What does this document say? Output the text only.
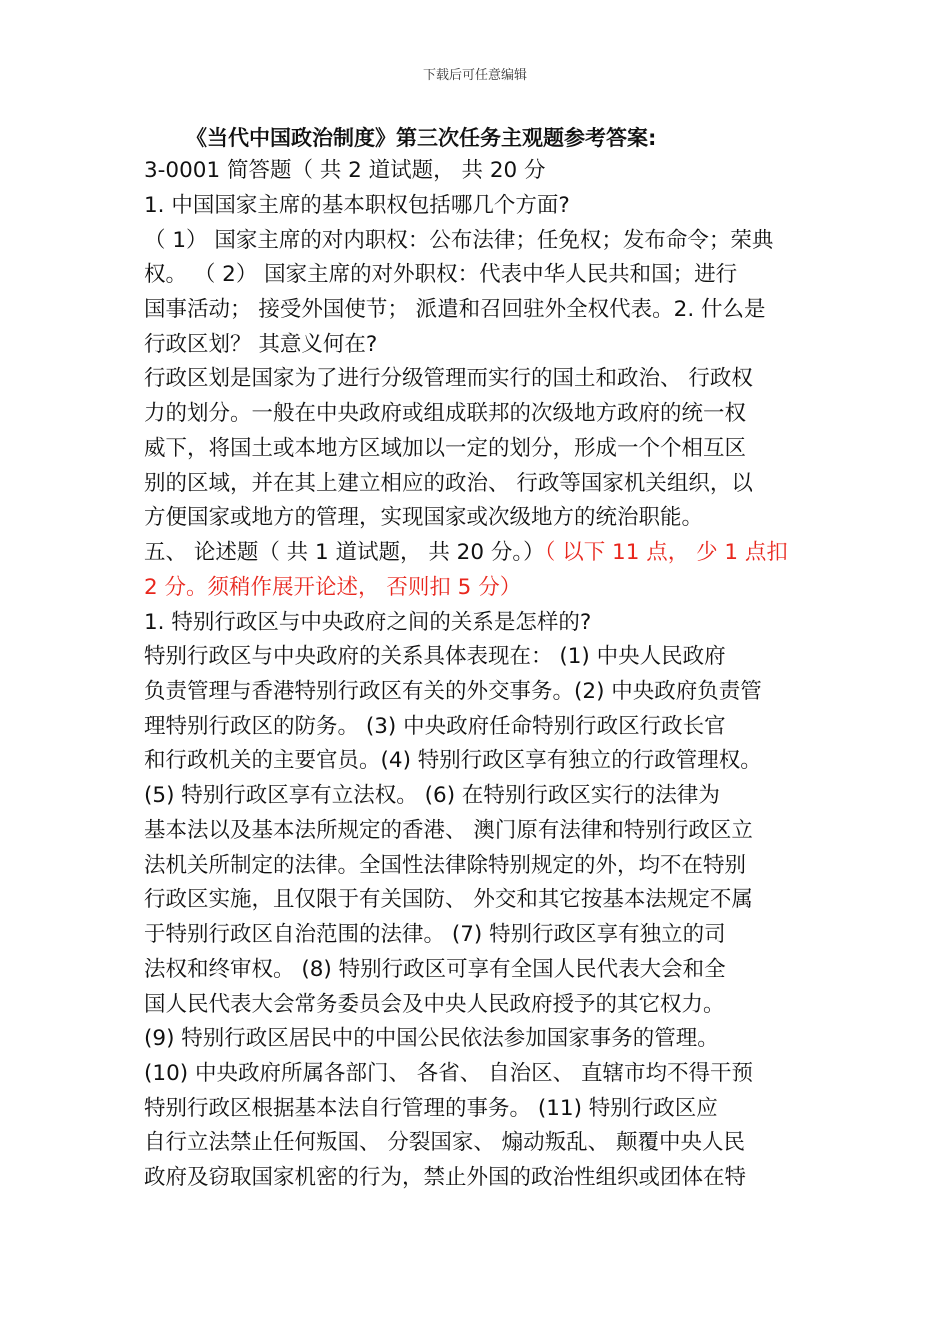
下载后可任意编辑
《当代中国政治制度》第三次任务主观题参考答案:
3-0001 简答题（ 共 2 道试题， 共 20 分
1. 中国国家主席的基本职权包括哪几个方面?
（ 1） 国家主席的对内职权：公布法律；任免权；发布命令；荣典
权。 （ 2） 国家主席的对外职权：代表中华人民共和国；进行
国事活动； 接受外国使节； 派遣和召回驻外全权代表。2. 什么是
行政区划？ 其意义何在?
行政区划是国家为了进行分级管理而实行的国土和政治、 行政权
力的划分。一般在中央政府或组成联邦的次级地方政府的统一权
威下，将国土或本地方区域加以一定的划分，形成一个个相互区
别的区域，并在其上建立相应的政治、 行政等国家机关组织，以
方便国家或地方的管理，实现国家或次级地方的统治职能。
五、 论述题（ 共 1 道试题， 共 20 分。）（ 以下 11 点， 少 1 点扣
2 分。须稍作展开论述， 否则扣 5 分）
1. 特别行政区与中央政府之间的关系是怎样的?
特别行政区与中央政府的关系具体表现在： (1) 中央人民政府
负责管理与香港特别行政区有关的外交事务。(2) 中央政府负责管
理特别行政区的防务。 (3) 中央政府任命特别行政区行政长官
和行政机关的主要官员。(4) 特别行政区享有独立的行政管理权。
(5) 特别行政区享有立法权。 (6) 在特别行政区实行的法律为
基本法以及基本法所规定的香港、 澳门原有法律和特别行政区立
法机关所制定的法律。全国性法律除特别规定的外，均不在特别
行政区实施，且仅限于有关国防、 外交和其它按基本法规定不属
于特别行政区自治范围的法律。 (7) 特别行政区享有独立的司
法权和终审权。 (8) 特别行政区可享有全国人民代表大会和全
国人民代表大会常务委员会及中央人民政府授予的其它权力。
(9) 特别行政区居民中的中国公民依法参加国家事务的管理。
(10) 中央政府所属各部门、 各省、 自治区、 直辖市均不得干预
特别行政区根据基本法自行管理的事务。 (11) 特别行政区应
自行立法禁止任何叛国、 分裂国家、 煽动叛乱、 颠覆中央人民
政府及窃取国家机密的行为，禁止外国的政治性组织或团体在特
